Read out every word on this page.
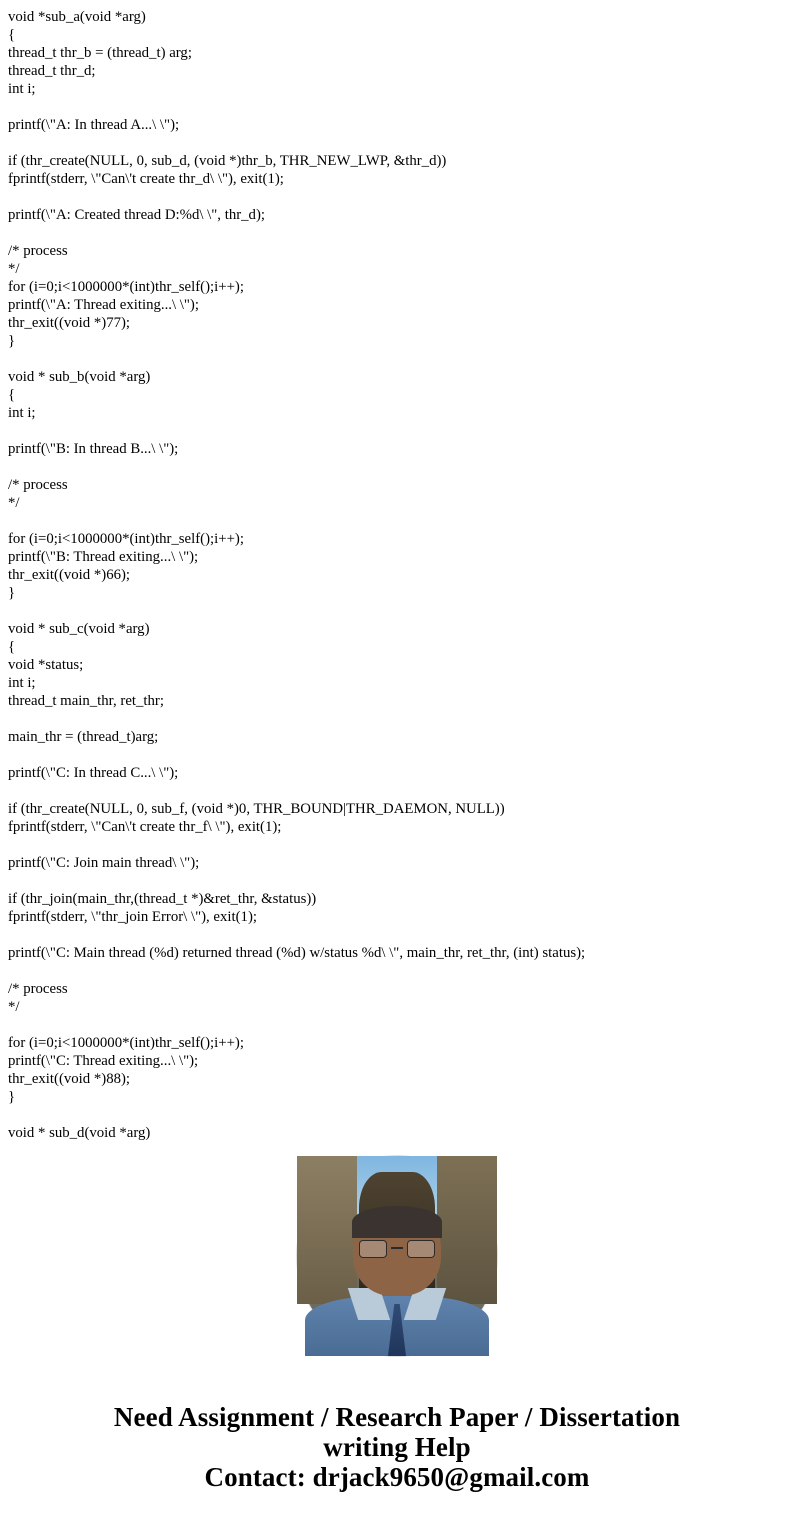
void *sub_a(void *arg)
{
thread_t thr_b = (thread_t) arg;
thread_t thr_d;
int i;
printf(\"A: In thread A...\ \");
if (thr_create(NULL, 0, sub_d, (void *)thr_b, THR_NEW_LWP, &thr_d))
fprintf(stderr, \"Can\'t create thr_d\ \"), exit(1);
printf(\"A: Created thread D:%d\ \", thr_d);
/* process
*/
for (i=0;i<1000000*(int)thr_self();i++);
printf(\"A: Thread exiting...\ \");
thr_exit((void *)77);
}
void * sub_b(void *arg)
{
int i;
printf(\"B: In thread B...\ \");
/* process
*/
for (i=0;i<1000000*(int)thr_self();i++);
printf(\"B: Thread exiting...\ \");
thr_exit((void *)66);
}
void * sub_c(void *arg)
{
void *status;
int i;
thread_t main_thr, ret_thr;
main_thr = (thread_t)arg;
printf(\"C: In thread C...\ \");
if (thr_create(NULL, 0, sub_f, (void *)0, THR_BOUND|THR_DAEMON, NULL))
fprintf(stderr, \"Can\'t create thr_f\ \"), exit(1);
printf(\"C: Join main thread\ \");
if (thr_join(main_thr,(thread_t *)&ret_thr, &status))
fprintf(stderr, \"thr_join Error\ \"), exit(1);
printf(\"C: Main thread (%d) returned thread (%d) w/status %d\ \", main_thr, ret_thr, (int) status);
/* process
*/
for (i=0;i<1000000*(int)thr_self();i++);
printf(\"C: Thread exiting...\ \");
thr_exit((void *)88);
}
void * sub_d(void *arg)
Need Assignment / Research Paper / Dissertation
writing Help
Contact: drjack9650@gmail.com
